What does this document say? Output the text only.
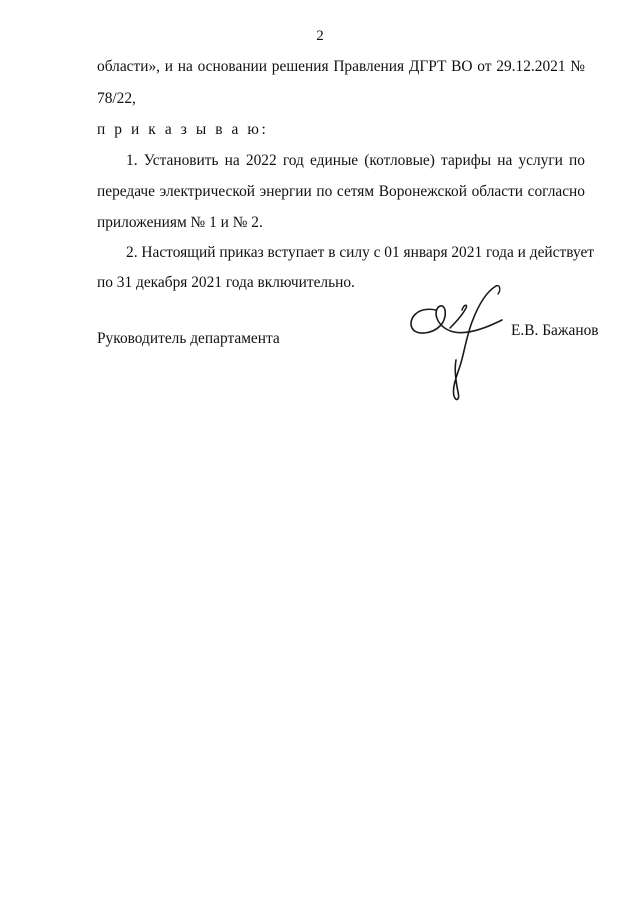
2
области», и на основании решения Правления ДГРТ ВО от 29.12.2021 №
78/22,
п р и к а з ы в а ю:
1. Установить на 2022 год единые (котловые) тарифы на услуги по
передаче электрической энергии по сетям Воронежской области согласно
приложениям № 1 и № 2.
2. Настоящий приказ вступает в силу с 01 января 2021 года и действует
по 31 декабря 2021 года включительно.
Руководитель департамента	Е.В. Бажанов
